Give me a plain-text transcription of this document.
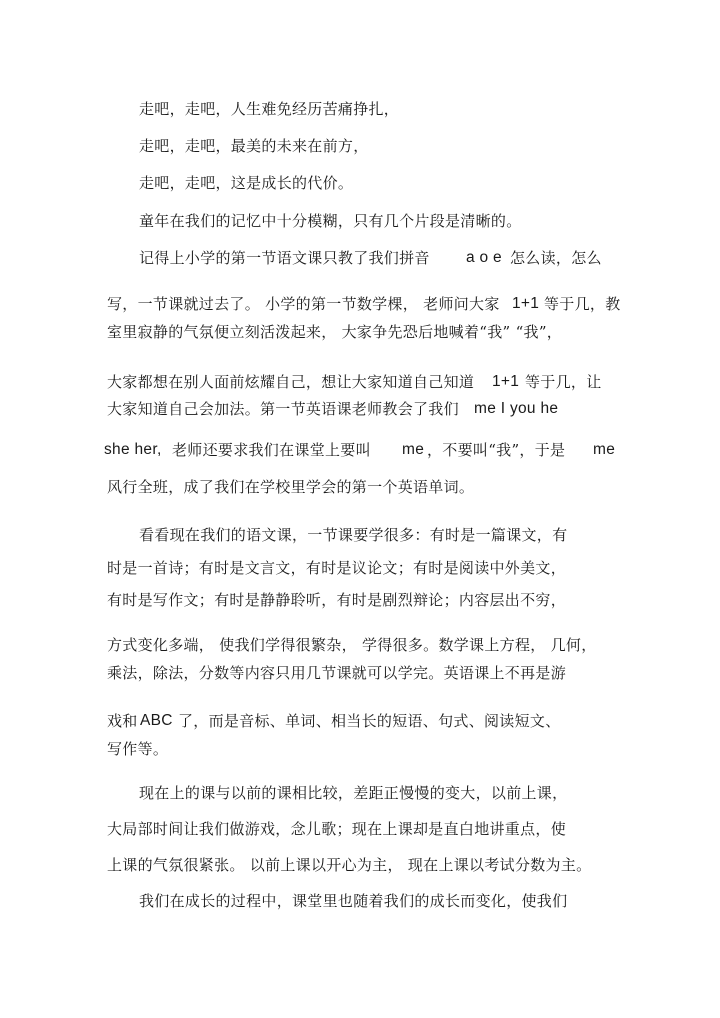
走吧，走吧，人生难免经历苦痛挣扎，
走吧，走吧，最美的未来在前方，
走吧，走吧，这是成长的代价。
童年在我们的记忆中十分模糊，只有几个片段是清晰的。
记得上小学的第一节语文课只教了我们拼音 a o e 怎么读，怎么
写，一节课就过去了。 小学的第一节数学棵， 老师问大家 1+1 等于几，教
室里寂静的气氛便立刻活泼起来， 大家争先恐后地喊着“我” “我”，
大家都想在别人面前炫耀自己，想让大家知道自己知道 1+1 等于几，让
大家知道自己会加法。第一节英语课老师教会了我们 me I you he
she her, 老师还要求我们在课堂上要叫 me ，不要叫“我”，于是 me
风行全班，成了我们在学校里学会的第一个英语单词。
看看现在我们的语文课，一节课要学很多：有时是一篇课文，有
时是一首诗；有时是文言文，有时是议论文；有时是阅读中外美文，
有时是写作文；有时是静静聆听，有时是剧烈辩论；内容层出不穷，
方式变化多端， 使我们学得很繁杂， 学得很多。数学课上方程， 几何，
乘法，除法，分数等内容只用几节课就可以学完。英语课上不再是游
戏和 ABC 了，而是音标、单词、相当长的短语、句式、阅读短文、
写作等。
现在上的课与以前的课相比较，差距正慢慢的变大，以前上课，
大局部时间让我们做游戏，念儿歌；现在上课却是直白地讲重点，使
上课的气氛很紧张。 以前上课以开心为主， 现在上课以考试分数为主。
我们在成长的过程中，课堂里也随着我们的成长而变化，使我们
